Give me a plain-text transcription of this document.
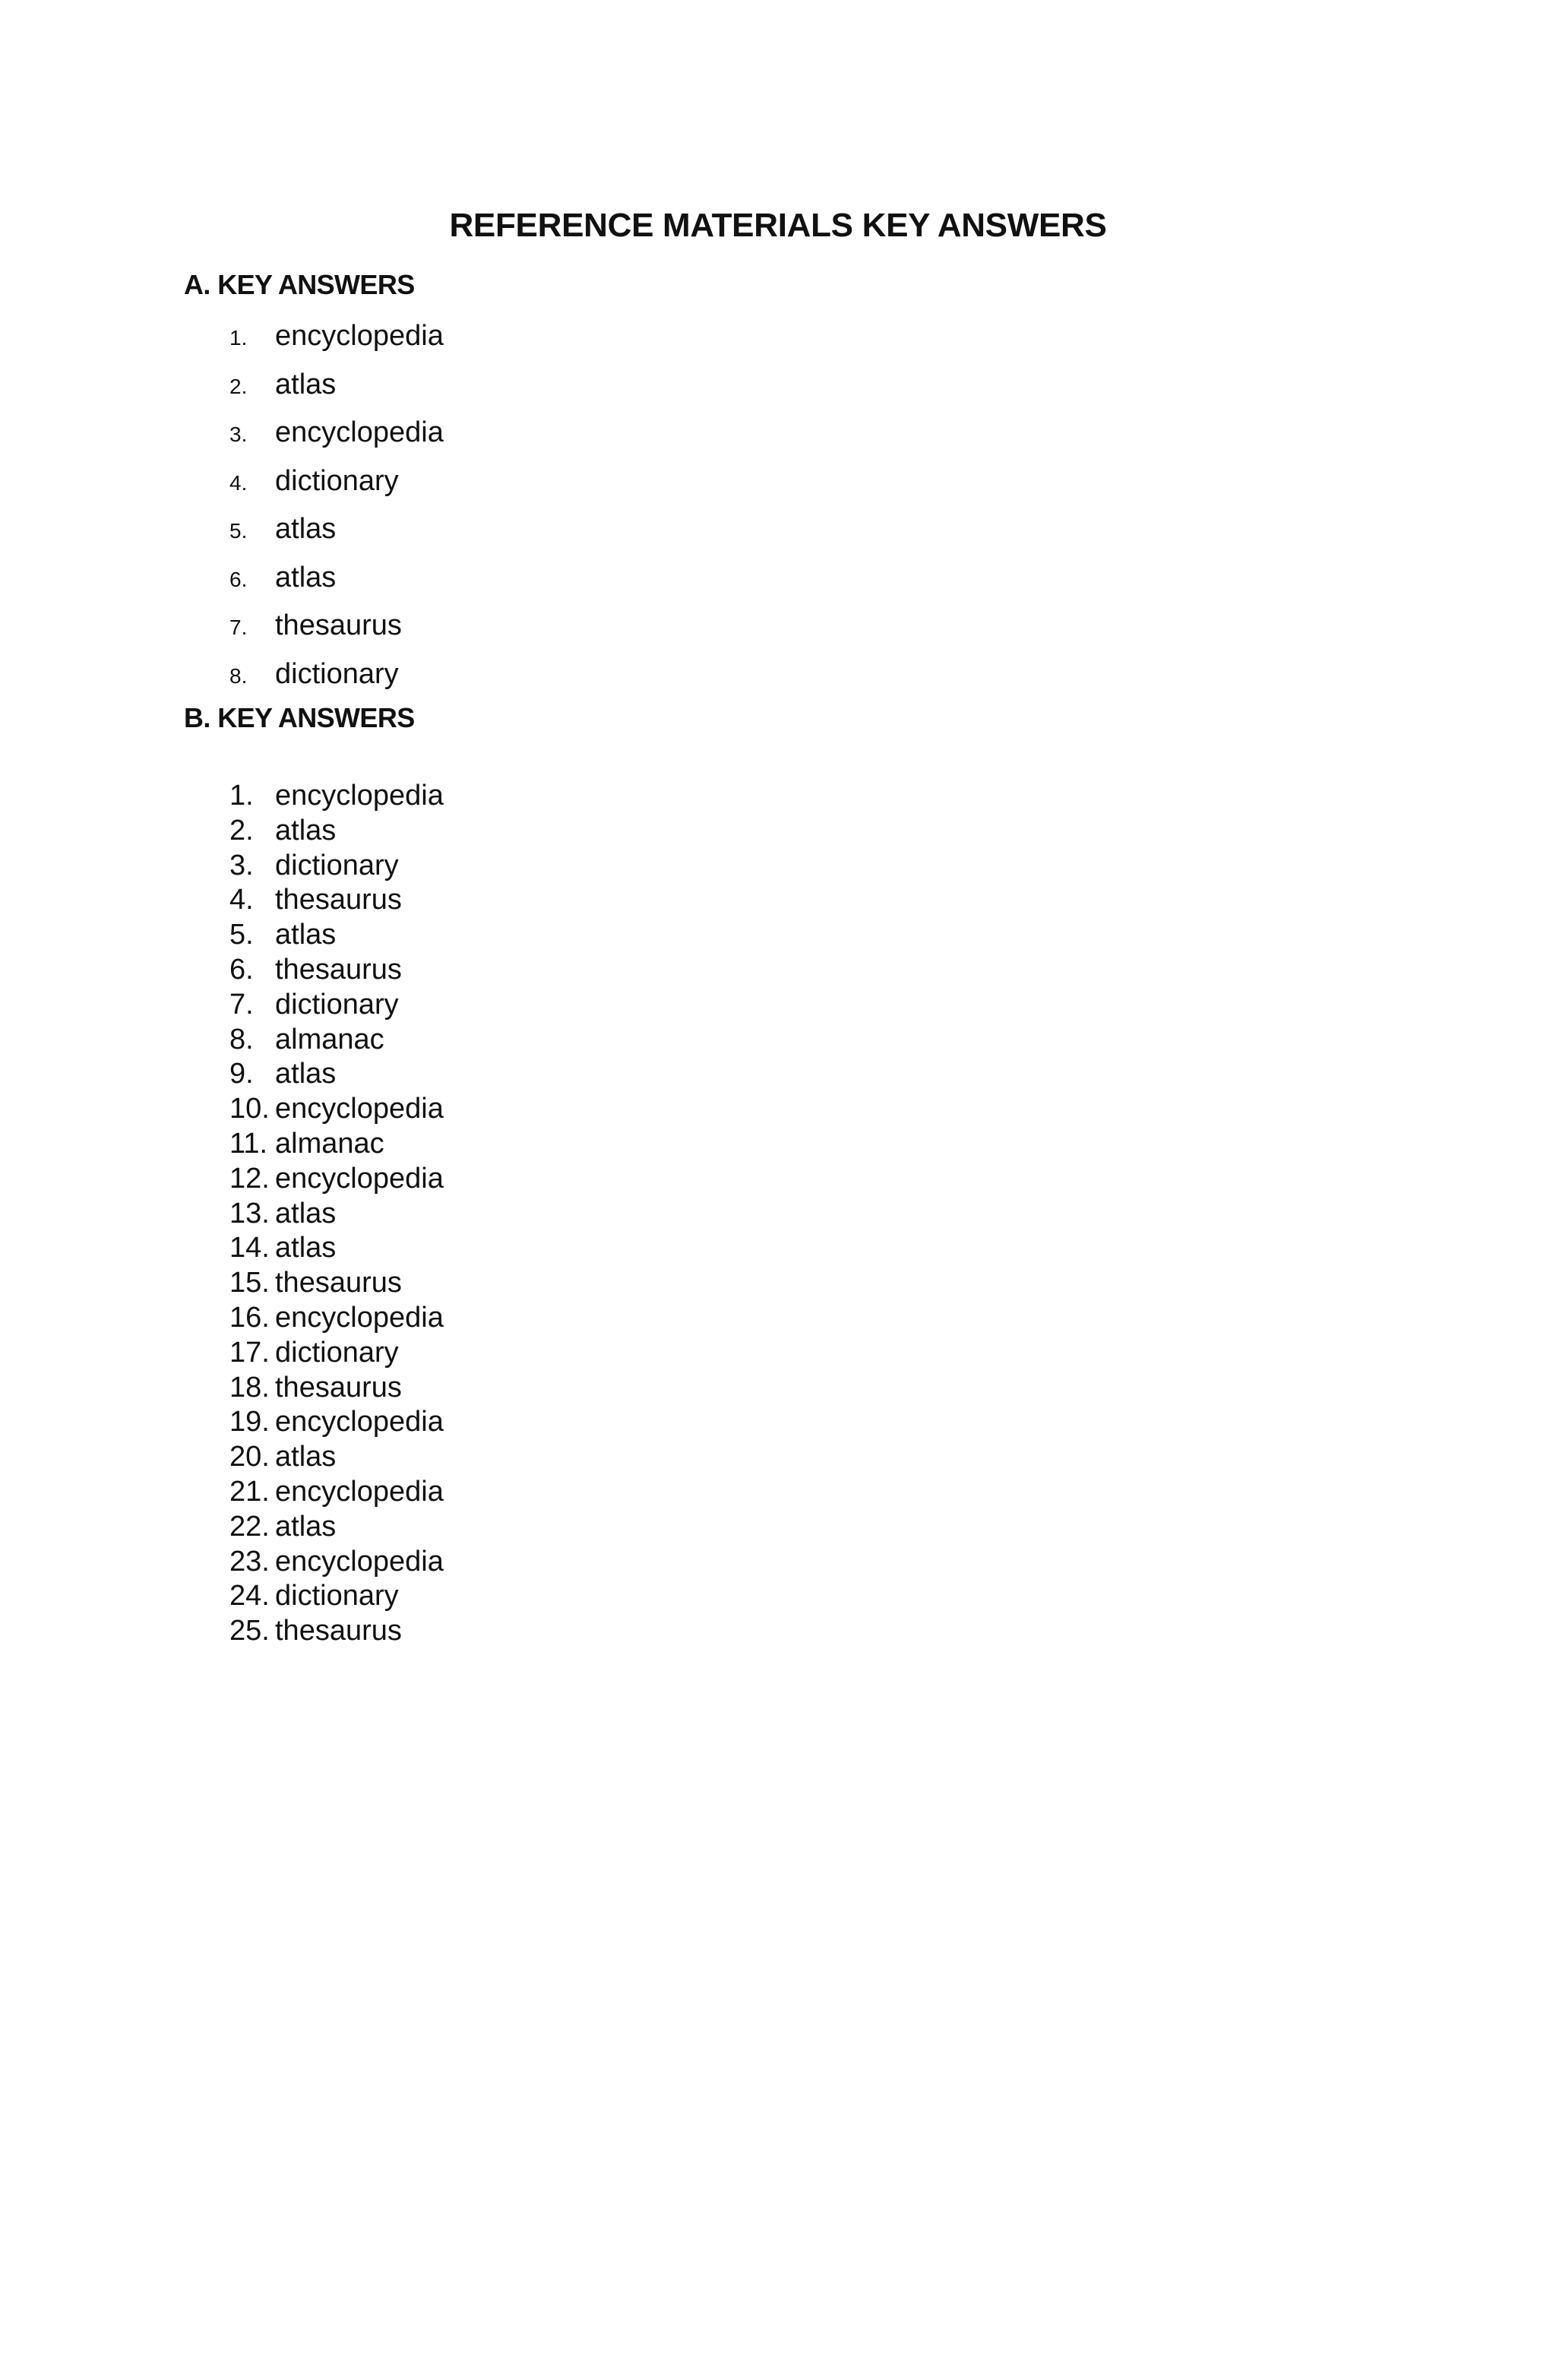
REFERENCE MATERIALS KEY ANSWERS
A. KEY ANSWERS
1. encyclopedia
2. atlas
3. encyclopedia
4. dictionary
5. atlas
6. atlas
7. thesaurus
8. dictionary
B. KEY ANSWERS
1. encyclopedia
2. atlas
3. dictionary
4. thesaurus
5. atlas
6. thesaurus
7. dictionary
8. almanac
9. atlas
10. encyclopedia
11. almanac
12. encyclopedia
13. atlas
14. atlas
15. thesaurus
16. encyclopedia
17. dictionary
18. thesaurus
19. encyclopedia
20. atlas
21. encyclopedia
22. atlas
23. encyclopedia
24. dictionary
25. thesaurus
